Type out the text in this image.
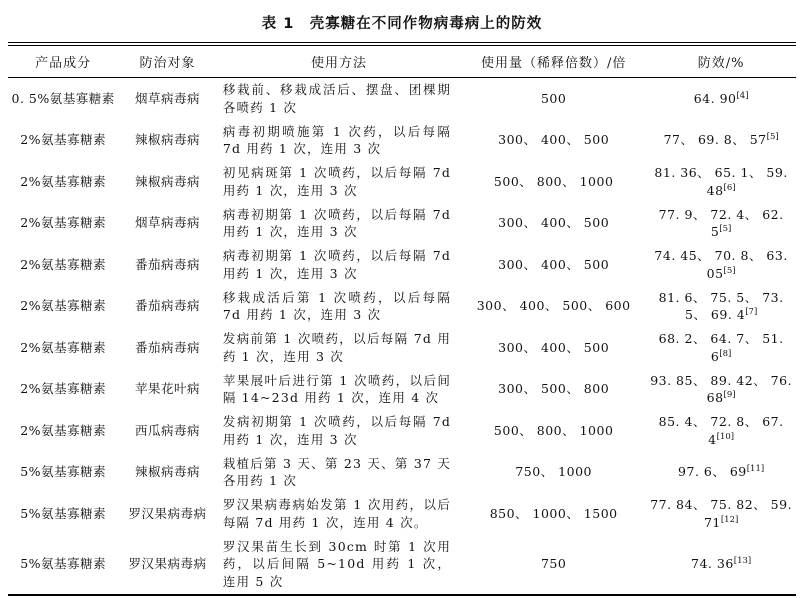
表 1　壳寡糖在不同作物病毒病上的防效
产品成分	防治对象	使用方法	使用量（稀释倍数）/倍	防效/%
0. 5%氨基寡糖素	烟草病毒病	移栽前、移栽成活后、摆盘、团棵期各喷药 1 次	500	64. 90[4]
2%氨基寡糖素	辣椒病毒病	病毒初期喷施第 1 次药，以后每隔 7d 用药 1 次，连用 3 次	300、 400、 500	77、 69. 8、 57[5]
2%氨基寡糖素	辣椒病毒病	初见病斑第 1 次喷药，以后每隔 7d 用药 1 次，连用 3 次	500、 800、 1000	81. 36、 65. 1、 59. 48[6]
2%氨基寡糖素	烟草病毒病	病毒初期第 1 次喷药，以后每隔 7d 用药 1 次，连用 3 次	300、 400、 500	77. 9、 72. 4、 62. 5[5]
2%氨基寡糖素	番茄病毒病	病毒初期第 1 次喷药，以后每隔 7d 用药 1 次，连用 3 次	300、 400、 500	74. 45、 70. 8、 63. 05[5]
2%氨基寡糖素	番茄病毒病	移栽成活后第 1 次喷药，以后每隔 7d 用药 1 次，连用 3 次	300、 400、 500、 600	81. 6、 75. 5、 73. 5、 69. 4[7]
2%氨基寡糖素	番茄病毒病	发病前第 1 次喷药，以后每隔 7d 用药 1 次，连用 3 次	300、 400、 500	68. 2、 64. 7、 51. 6[8]
2%氨基寡糖素	苹果花叶病	苹果展叶后进行第 1 次喷药，以后间隔 14~23d 用药 1 次，连用 4 次	300、 500、 800	93. 85、 89. 42、 76. 68[9]
2%氨基寡糖素	西瓜病毒病	发病初期第 1 次喷药，以后每隔 7d 用药 1 次，连用 3 次	500、 800、 1000	85. 4、 72. 8、 67. 4[10]
5%氨基寡糖素	辣椒病毒病	栽植后第 3 天、第 23 天、第 37 天各用药 1 次	750、 1000	97. 6、 69[11]
5%氨基寡糖素	罗汉果病毒病	罗汉果病毒病始发第 1 次用药，以后每隔 7d 用药 1 次，连用 4 次。	850、 1000、 1500	77. 84、 75. 82、 59. 71[12]
5%氨基寡糖素	罗汉果病毒病	罗汉果苗生长到 30cm 时第 1 次用药，以后间隔 5~10d 用药 1 次，连用 5 次	750	74. 36[13]
